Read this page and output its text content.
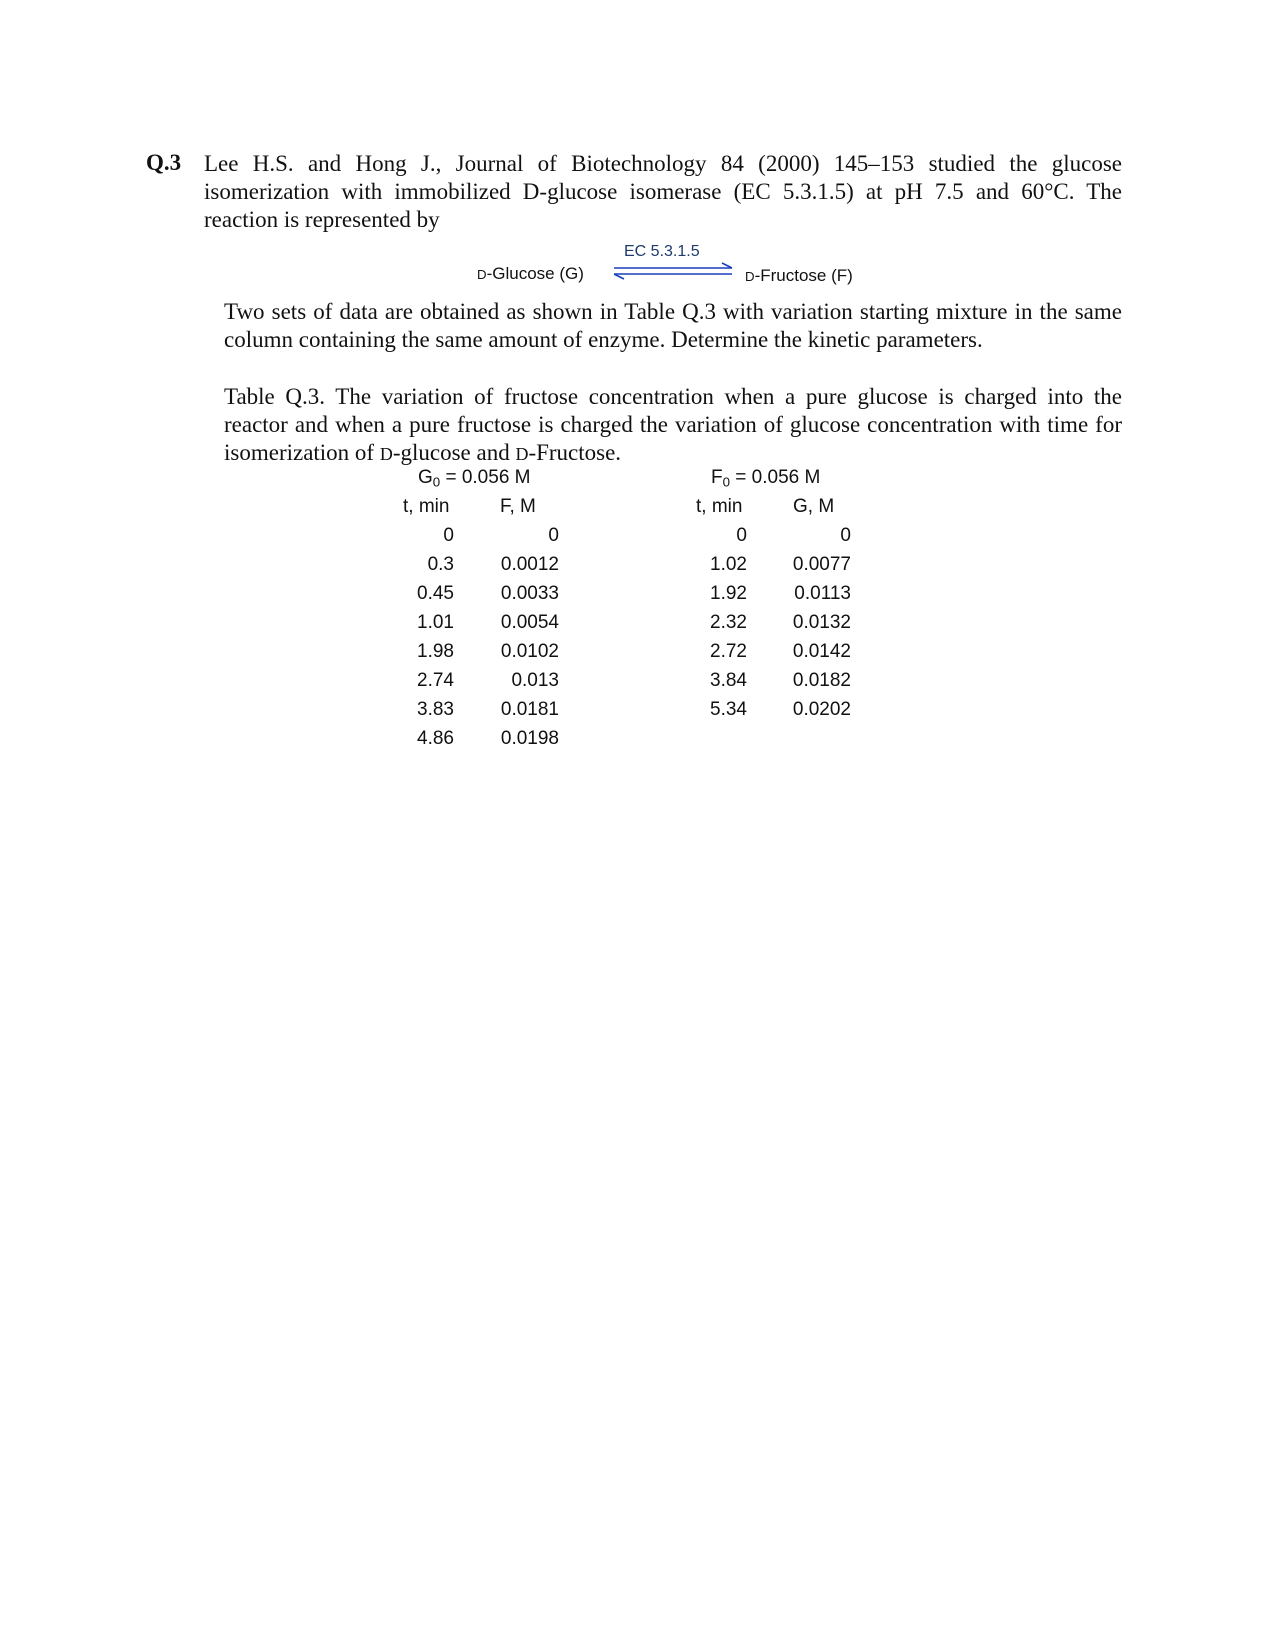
Q.3 Lee H.S. and Hong J., Journal of Biotechnology 84 (2000) 145–153 studied the glucose isomerization with immobilized D-glucose isomerase (EC 5.3.1.5) at pH 7.5 and 60°C. The reaction is represented by
D-Glucose (G)
EC 5.3.1.5
D-Fructose (F)
Two sets of data are obtained as shown in Table Q.3 with variation starting mixture in the same column containing the same amount of enzyme. Determine the kinetic parameters.
Table Q.3. The variation of fructose concentration when a pure glucose is charged into the reactor and when a pure fructose is charged the variation of glucose concentration with time for isomerization of D-glucose and D-Fructose.
$G_0 = 0.056$ M
t, min	F, M
0	0
0.3	0.0012
0.45	0.0033
1.01	0.0054
1.98	0.0102
2.74	0.013
3.83	0.0181
4.86	0.0198
$F_0 = 0.056$ M
t, min	G, M
0	0
1.02	0.0077
1.92	0.0113
2.32	0.0132
2.72	0.0142
3.84	0.0182
5.34	0.0202
